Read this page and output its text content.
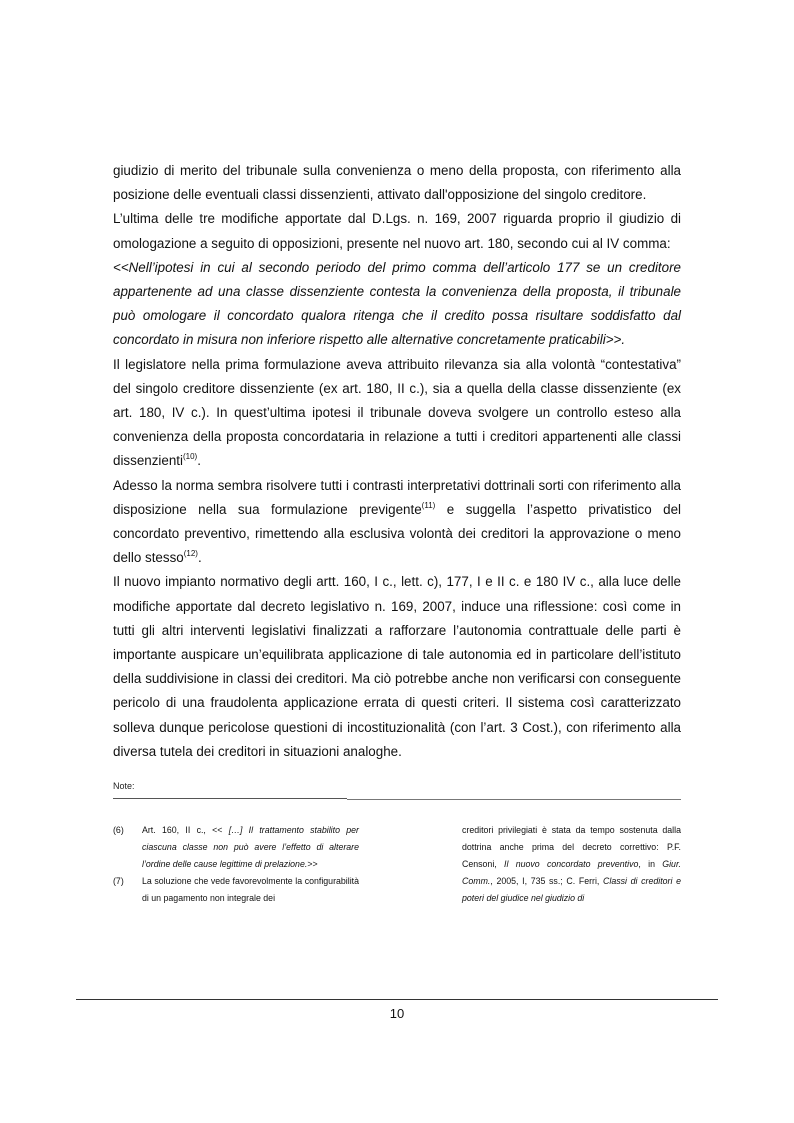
giudizio di merito del tribunale sulla convenienza o meno della proposta, con riferimento alla posizione delle eventuali classi dissenzienti, attivato dall'opposizione del singolo creditore.

L’ultima delle tre modifiche apportate dal D.Lgs. n. 169, 2007 riguarda proprio il giudizio di omologazione a seguito di opposizioni, presente nel nuovo art. 180, secondo cui al IV comma:

<<Nell’ipotesi in cui al secondo periodo del primo comma dell’articolo 177 se un creditore appartenente ad una classe dissenziente contesta la convenienza della proposta, il tribunale può omologare il concordato qualora ritenga che il credito possa risultare soddisfatto dal concordato in misura non inferiore rispetto alle alternative concretamente praticabili>>.

Il legislatore nella prima formulazione aveva attribuito rilevanza sia alla volontà “contestativa” del singolo creditore dissenziente (ex art. 180, II c.), sia a quella della classe dissenziente (ex art. 180, IV c.). In quest’ultima ipotesi il tribunale doveva svolgere un controllo esteso alla convenienza della proposta concordataria in relazione a tutti i creditori appartenenti alle classi dissenzienti$^{(10)}$.

Adesso la norma sembra risolvere tutti i contrasti interpretativi dottrinali sorti con riferimento alla disposizione nella sua formulazione previgente$^{(11)}$ e suggella l’aspetto privatistico del concordato preventivo, rimettendo alla esclusiva volontà dei creditori la approvazione o meno dello stesso$^{(12)}$.

Il nuovo impianto normativo degli artt. 160, I c., lett. c), 177, I e II c. e 180 IV c., alla luce delle modifiche apportate dal decreto legislativo n. 169, 2007, induce una riflessione: così come in tutti gli altri interventi legislativi finalizzati a rafforzare l’autonomia contrattuale delle parti è importante auspicare un’equilibrata applicazione di tale autonomia ed in particolare dell’istituto della suddivisione in classi dei creditori. Ma ciò potrebbe anche non verificarsi con conseguente pericolo di una fraudolenta applicazione errata di questi criteri. Il sistema così caratterizzato solleva dunque pericolose questioni di incostituzionalità (con l’art. 3 Cost.), con riferimento alla diversa tutela dei creditori in situazioni analoghe.

Note:
(6)	Art. 160, II c., << […] Il trattamento stabilito per ciascuna classe non può avere l’effetto di alterare l’ordine delle cause legittime di prelazione.>>
(7)	La soluzione che vede favorevolmente la configurabilità di un pagamento non integrale dei

creditori privilegiati è stata da tempo sostenuta dalla dottrina anche prima del decreto correttivo: P.F. Censoni, Il nuovo concordato preventivo, in Giur. Comm., 2005, I, 735 ss.; C. Ferri, Classi di creditori e poteri del giudice nel giudizio di

10
